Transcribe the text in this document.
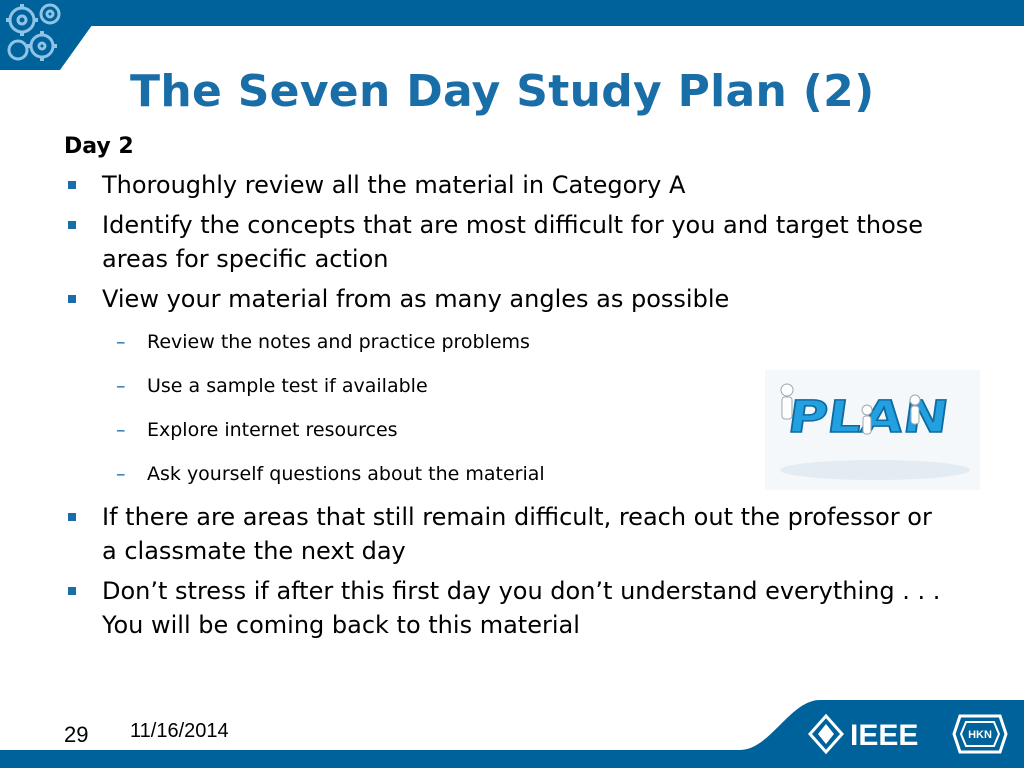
The Seven Day Study Plan (2)
Day 2
Thoroughly review all the material in Category A
Identify the concepts that are most difficult for you and target those areas for specific action
View your material from as many angles as possible
– Review the notes and practice problems
– Use a sample test if available
– Explore internet resources
– Ask yourself questions about the material
If there are areas that still remain difficult, reach out the professor or a classmate the next day
Don’t stress if after this first day you don’t understand everything . . . You will be coming back to this material
PLAN
29 11/16/2014	IEEE	HKN
